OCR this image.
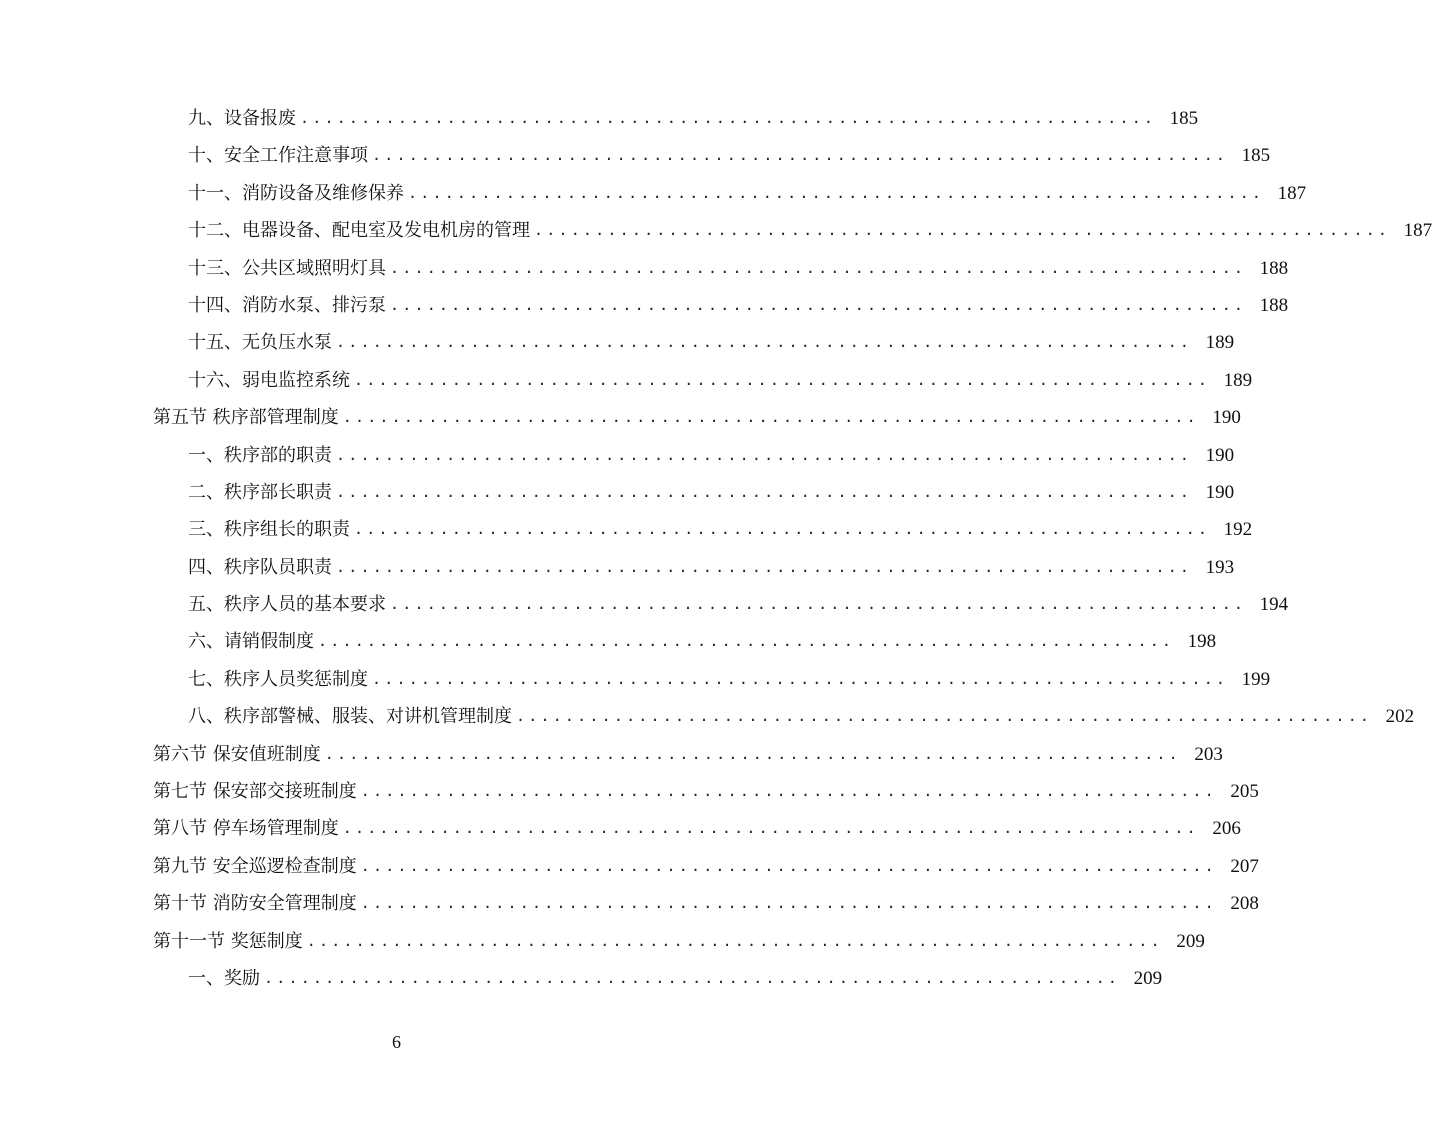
九、设备报废 ...................................................................... 185
十、安全工作注意事项 ...................................................................... 185
十一、消防设备及维修保养 ...................................................................... 187
十二、电器设备、配电室及发电机房的管理 ...................................................................... 187
十三、公共区域照明灯具 ...................................................................... 188
十四、消防水泵、排污泵 ...................................................................... 188
十五、无负压水泵 ...................................................................... 189
十六、弱电监控系统 ...................................................................... 189
第五节 秩序部管理制度 ...................................................................... 190
一、秩序部的职责 ...................................................................... 190
二、秩序部长职责 ...................................................................... 190
三、秩序组长的职责 ...................................................................... 192
四、秩序队员职责 ...................................................................... 193
五、秩序人员的基本要求 ...................................................................... 194
六、请销假制度 ...................................................................... 198
七、秩序人员奖惩制度 ...................................................................... 199
八、秩序部警械、服装、对讲机管理制度 ...................................................................... 202
第六节 保安值班制度 ...................................................................... 203
第七节 保安部交接班制度 ...................................................................... 205
第八节 停车场管理制度 ...................................................................... 206
第九节 安全巡逻检查制度 ...................................................................... 207
第十节 消防安全管理制度 ...................................................................... 208
第十一节 奖惩制度 ...................................................................... 209
一、奖励 ...................................................................... 209
6
